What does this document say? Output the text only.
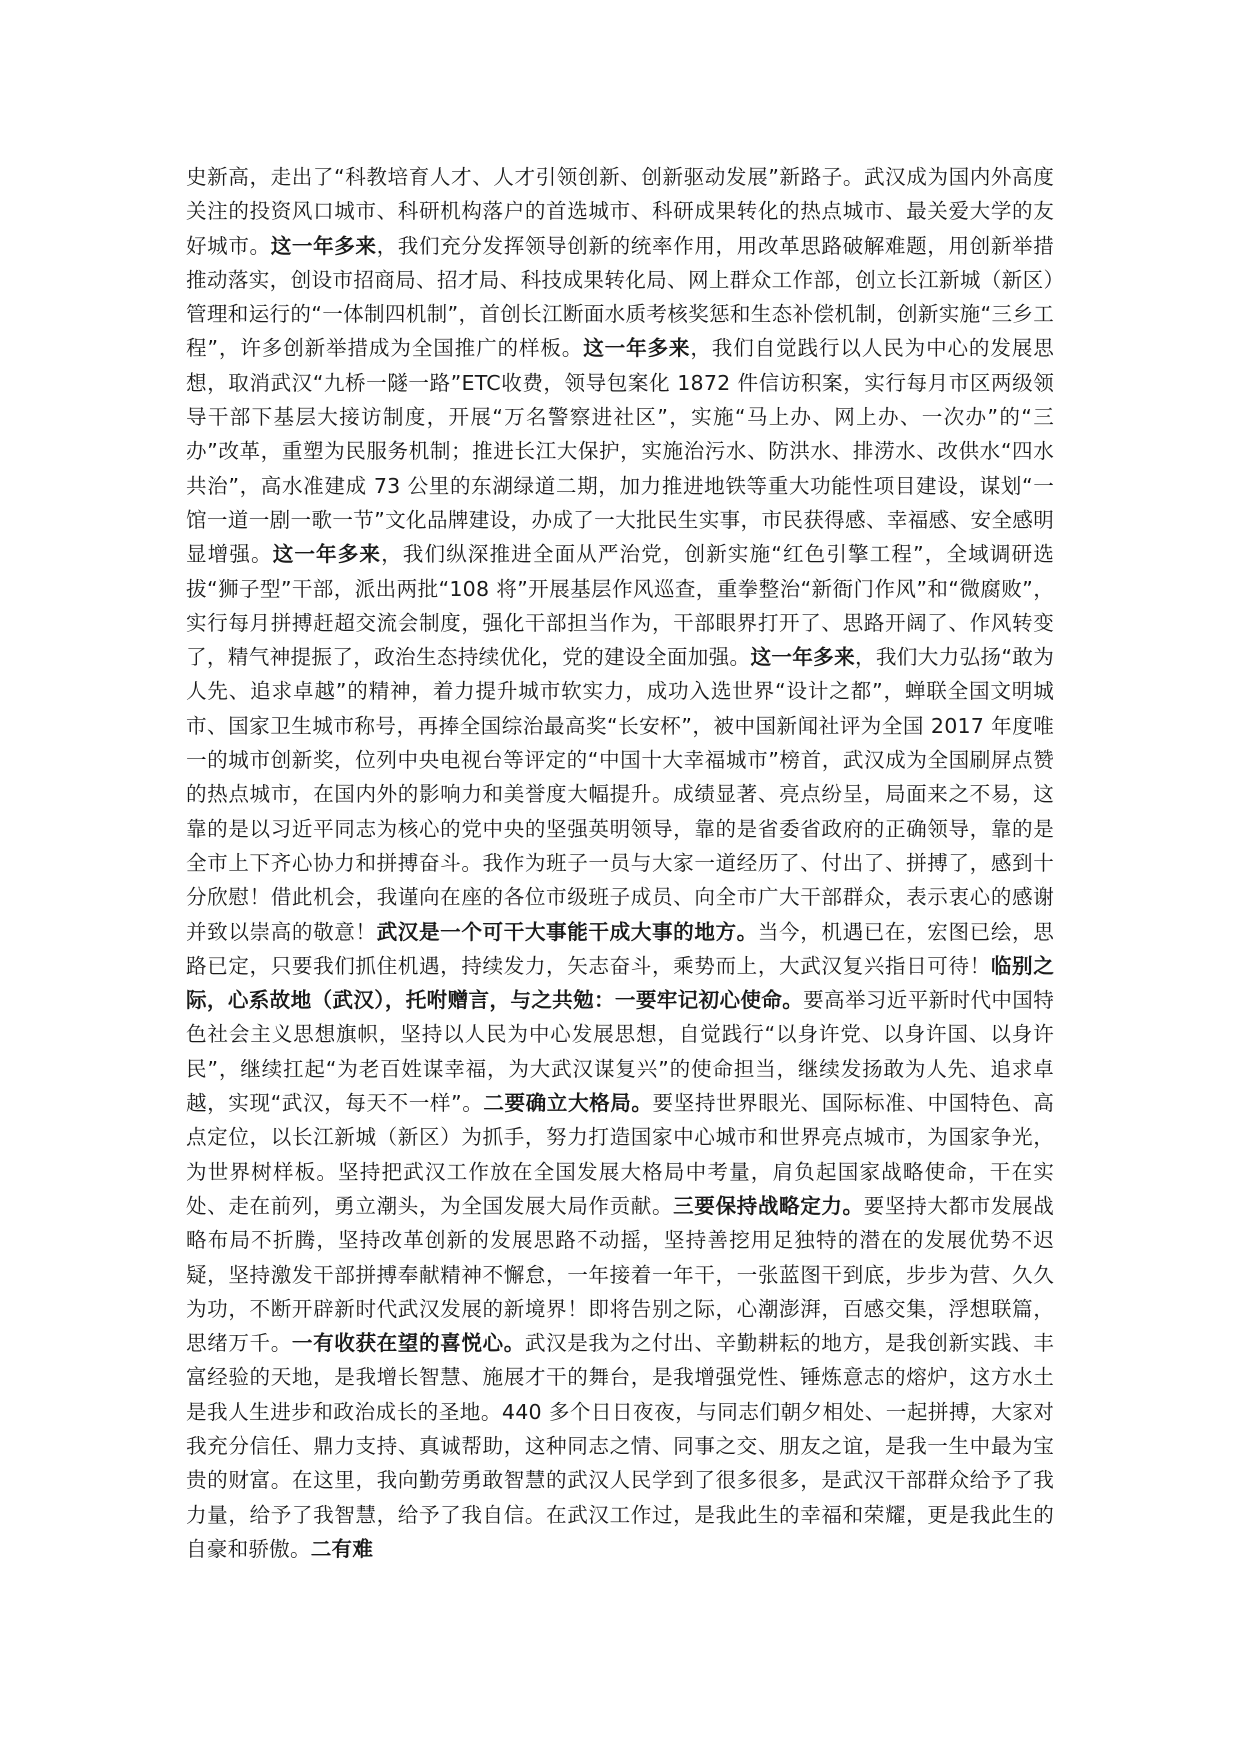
史新高，走出了“科教培育人才、人才引领创新、创新驱动发展”新路子。武汉成为国内外高度关注的投资风口城市、科研机构落户的首选城市、科研成果转化的热点城市、最关爱大学的友好城市。这一年多来，我们充分发挥领导创新的统率作用，用改革思路破解难题，用创新举措推动落实，创设市招商局、招才局、科技成果转化局、网上群众工作部，创立长江新城（新区）管理和运行的“一体制四机制”，首创长江断面水质考核奖惩和生态补偿机制，创新实施“三乡工程”，许多创新举措成为全国推广的样板。这一年多来，我们自觉践行以人民为中心的发展思想，取消武汉“九桥一隧一路”ETC收费，领导包案化 1872 件信访积案，实行每月市区两级领导干部下基层大接访制度，开展“万名警察进社区”，实施“马上办、网上办、一次办”的“三办”改革，重塑为民服务机制；推进长江大保护，实施治污水、防洪水、排涝水、改供水“四水共治”，高水准建成 73 公里的东湖绿道二期，加力推进地铁等重大功能性项目建设，谋划“一馆一道一剧一歌一节”文化品牌建设，办成了一大批民生实事，市民获得感、幸福感、安全感明显增强。这一年多来，我们纵深推进全面从严治党，创新实施“红色引擎工程”，全域调研选拔“狮子型”干部，派出两批“108 将”开展基层作风巡查，重拳整治“新衙门作风”和“微腐败”，实行每月拼搏赶超交流会制度，强化干部担当作为，干部眼界打开了、思路开阔了、作风转变了，精气神提振了，政治生态持续优化，党的建设全面加强。这一年多来，我们大力弘扬“敢为人先、追求卓越”的精神，着力提升城市软实力，成功入选世界“设计之都”，蝉联全国文明城市、国家卫生城市称号，再捧全国综治最高奖“长安杯”，被中国新闻社评为全国 2017 年度唯一的城市创新奖，位列中央电视台等评定的“中国十大幸福城市”榜首，武汉成为全国刷屏点赞的热点城市，在国内外的影响力和美誉度大幅提升。成绩显著、亮点纷呈，局面来之不易，这靠的是以习近平同志为核心的党中央的坚强英明领导，靠的是省委省政府的正确领导，靠的是全市上下齐心协力和拼搏奋斗。我作为班子一员与大家一道经历了、付出了、拼搏了，感到十分欣慰！借此机会，我谨向在座的各位市级班子成员、向全市广大干部群众，表示衷心的感谢并致以崇高的敬意！武汉是一个可干大事能干成大事的地方。当今，机遇已在，宏图已绘，思路已定，只要我们抓住机遇，持续发力，矢志奋斗，乘势而上，大武汉复兴指日可待！临别之际，心系故地（武汉），托咐赠言，与之共勉：一要牢记初心使命。要高举习近平新时代中国特色社会主义思想旗帜，坚持以人民为中心发展思想，自觉践行“以身许党、以身许国、以身许民”，继续扛起“为老百姓谋幸福，为大武汉谋复兴”的使命担当，继续发扬敢为人先、追求卓越，实现“武汉，每天不一样”。二要确立大格局。要坚持世界眼光、国际标准、中国特色、高点定位，以长江新城（新区）为抓手，努力打造国家中心城市和世界亮点城市，为国家争光，为世界树样板。坚持把武汉工作放在全国发展大格局中考量，肩负起国家战略使命，干在实处、走在前列，勇立潮头，为全国发展大局作贡献。三要保持战略定力。要坚持大都市发展战略布局不折腾，坚持改革创新的发展思路不动摇，坚持善挖用足独特的潜在的发展优势不迟疑，坚持激发干部拼搏奉献精神不懈怠，一年接着一年干，一张蓝图干到底，步步为营、久久为功，不断开辟新时代武汉发展的新境界！即将告别之际，心潮澎湃，百感交集，浮想联篇，思绪万千。一有收获在望的喜悦心。武汉是我为之付出、辛勤耕耘的地方，是我创新实践、丰富经验的天地，是我增长智慧、施展才干的舞台，是我增强党性、锤炼意志的熔炉，这方水土是我人生进步和政治成长的圣地。440 多个日日夜夜，与同志们朝夕相处、一起拼搏，大家对我充分信任、鼎力支持、真诚帮助，这种同志之情、同事之交、朋友之谊，是我一生中最为宝贵的财富。在这里，我向勤劳勇敢智慧的武汉人民学到了很多很多，是武汉干部群众给予了我力量，给予了我智慧，给予了我自信。在武汉工作过，是我此生的幸福和荣耀，更是我此生的自豪和骄傲。二有难
